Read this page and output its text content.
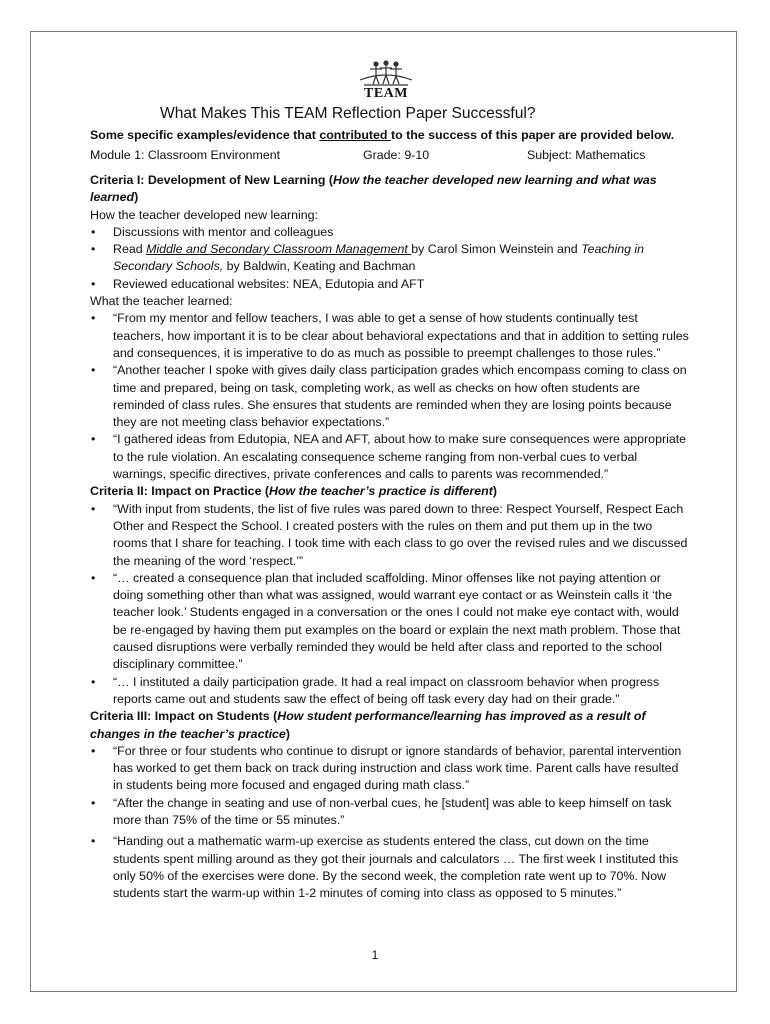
TEAM
What Makes This TEAM Reflection Paper Successful?
Some specific examples/evidence that contributed to the success of this paper are provided below.
Module 1: Classroom Environment	Grade: 9-10	Subject: Mathematics

Criteria I: Development of New Learning (How the teacher developed new learning and what was learned)

How the teacher developed new learning:

• Discussions with mentor and colleagues
• Read Middle and Secondary Classroom Management by Carol Simon Weinstein and Teaching in Secondary Schools, by Baldwin, Keating and Bachman
• Reviewed educational websites: NEA, Edutopia and AFT

What the teacher learned:

• “From my mentor and fellow teachers, I was able to get a sense of how students continually test teachers, how important it is to be clear about behavioral expectations and that in addition to setting rules and consequences, it is imperative to do as much as possible to preempt challenges to those rules.”
• “Another teacher I spoke with gives daily class participation grades which encompass coming to class on time and prepared, being on task, completing work, as well as checks on how often students are reminded of class rules. She ensures that students are reminded when they are losing points because they are not meeting class behavior expectations.”
• “I gathered ideas from Edutopia, NEA and AFT, about how to make sure consequences were appropriate to the rule violation. An escalating consequence scheme ranging from non-verbal cues to verbal warnings, specific directives, private conferences and calls to parents was recommended.”

Criteria II: Impact on Practice (How the teacher’s practice is different)

• “With input from students, the list of five rules was pared down to three: Respect Yourself, Respect Each Other and Respect the School. I created posters with the rules on them and put them up in the two rooms that I share for teaching. I took time with each class to go over the revised rules and we discussed the meaning of the word ‘respect.’”
• “… created a consequence plan that included scaffolding. Minor offenses like not paying attention or doing something other than what was assigned, would warrant eye contact or as Weinstein calls it ‘the teacher look.’ Students engaged in a conversation or the ones I could not make eye contact with, would be re-engaged by having them put examples on the board or explain the next math problem. Those that caused disruptions were verbally reminded they would be held after class and reported to the school disciplinary committee.”
• “… I instituted a daily participation grade. It had a real impact on classroom behavior when progress reports came out and students saw the effect of being off task every day had on their grade.”

Criteria III: Impact on Students (How student performance/learning has improved as a result of changes in the teacher’s practice)

• “For three or four students who continue to disrupt or ignore standards of behavior, parental intervention has worked to get them back on track during instruction and class work time. Parent calls have resulted in students being more focused and engaged during math class.”
• “After the change in seating and use of non-verbal cues, he [student] was able to keep himself on task more than 75% of the time or 55 minutes.”
• “Handing out a mathematic warm-up exercise as students entered the class, cut down on the time students spent milling around as they got their journals and calculators … The first week I instituted this only 50% of the exercises were done. By the second week, the completion rate went up to 70%. Now students start the warm-up within 1-2 minutes of coming into class as opposed to 5 minutes.”
1
